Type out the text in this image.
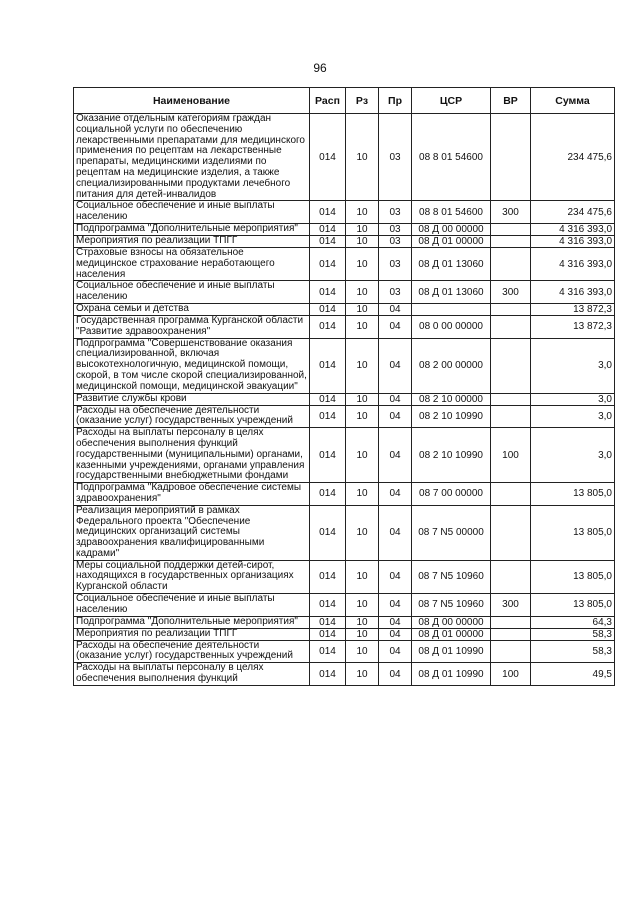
96
Наименование	Расп	Рз	Пр	ЦСР	ВР	Сумма
Оказание отдельным категориям граждан социальной услуги по обеспечению лекарственными препаратами для медицинского применения по рецептам на лекарственные препараты, медицинскими изделиями по рецептам на медицинские изделия, а также специализированными продуктами лечебного питания для детей-инвалидов	014	10	03	08 8 01 54600		234 475,6
Социальное обеспечение и иные выплаты населению	014	10	03	08 8 01 54600	300	234 475,6
Подпрограмма "Дополнительные мероприятия"	014	10	03	08 Д 00 00000		4 316 393,0
Мероприятия по реализации ТПГГ	014	10	03	08 Д 01 00000		4 316 393,0
Страховые взносы на обязательное медицинское страхование неработающего населения	014	10	03	08 Д 01 13060		4 316 393,0
Социальное обеспечение и иные выплаты населению	014	10	03	08 Д 01 13060	300	4 316 393,0
Охрана семьи и детства	014	10	04			13 872,3
Государственная программа Курганской области "Развитие здравоохранения"	014	10	04	08 0 00 00000		13 872,3
Подпрограмма "Совершенствование оказания специализированной, включая высокотехнологичную, медицинской помощи, скорой, в том числе скорой специализированной, медицинской помощи, медицинской эвакуации"	014	10	04	08 2 00 00000		3,0
Развитие службы крови	014	10	04	08 2 10 00000		3,0
Расходы на обеспечение деятельности (оказание услуг) государственных учреждений	014	10	04	08 2 10 10990		3,0
Расходы на выплаты персоналу в целях обеспечения выполнения функций государственными (муниципальными) органами, казенными учреждениями, органами управления государственными внебюджетными фондами	014	10	04	08 2 10 10990	100	3,0
Подпрограмма "Кадровое обеспечение системы здравоохранения"	014	10	04	08 7 00 00000		13 805,0
Реализация мероприятий в рамках Федерального проекта "Обеспечение медицинских организаций системы здравоохранения квалифицированными кадрами"	014	10	04	08 7 N5 00000		13 805,0
Меры социальной поддержки детей-сирот, находящихся в государственных организациях Курганской области	014	10	04	08 7 N5 10960		13 805,0
Социальное обеспечение и иные выплаты населению	014	10	04	08 7 N5 10960	300	13 805,0
Подпрограмма "Дополнительные мероприятия"	014	10	04	08 Д 00 00000		64,3
Мероприятия по реализации ТПГГ	014	10	04	08 Д 01 00000		58,3
Расходы на обеспечение деятельности (оказание услуг) государственных учреждений	014	10	04	08 Д 01 10990		58,3
Расходы на выплаты персоналу в целях обеспечения выполнения функций	014	10	04	08 Д 01 10990	100	49,5
